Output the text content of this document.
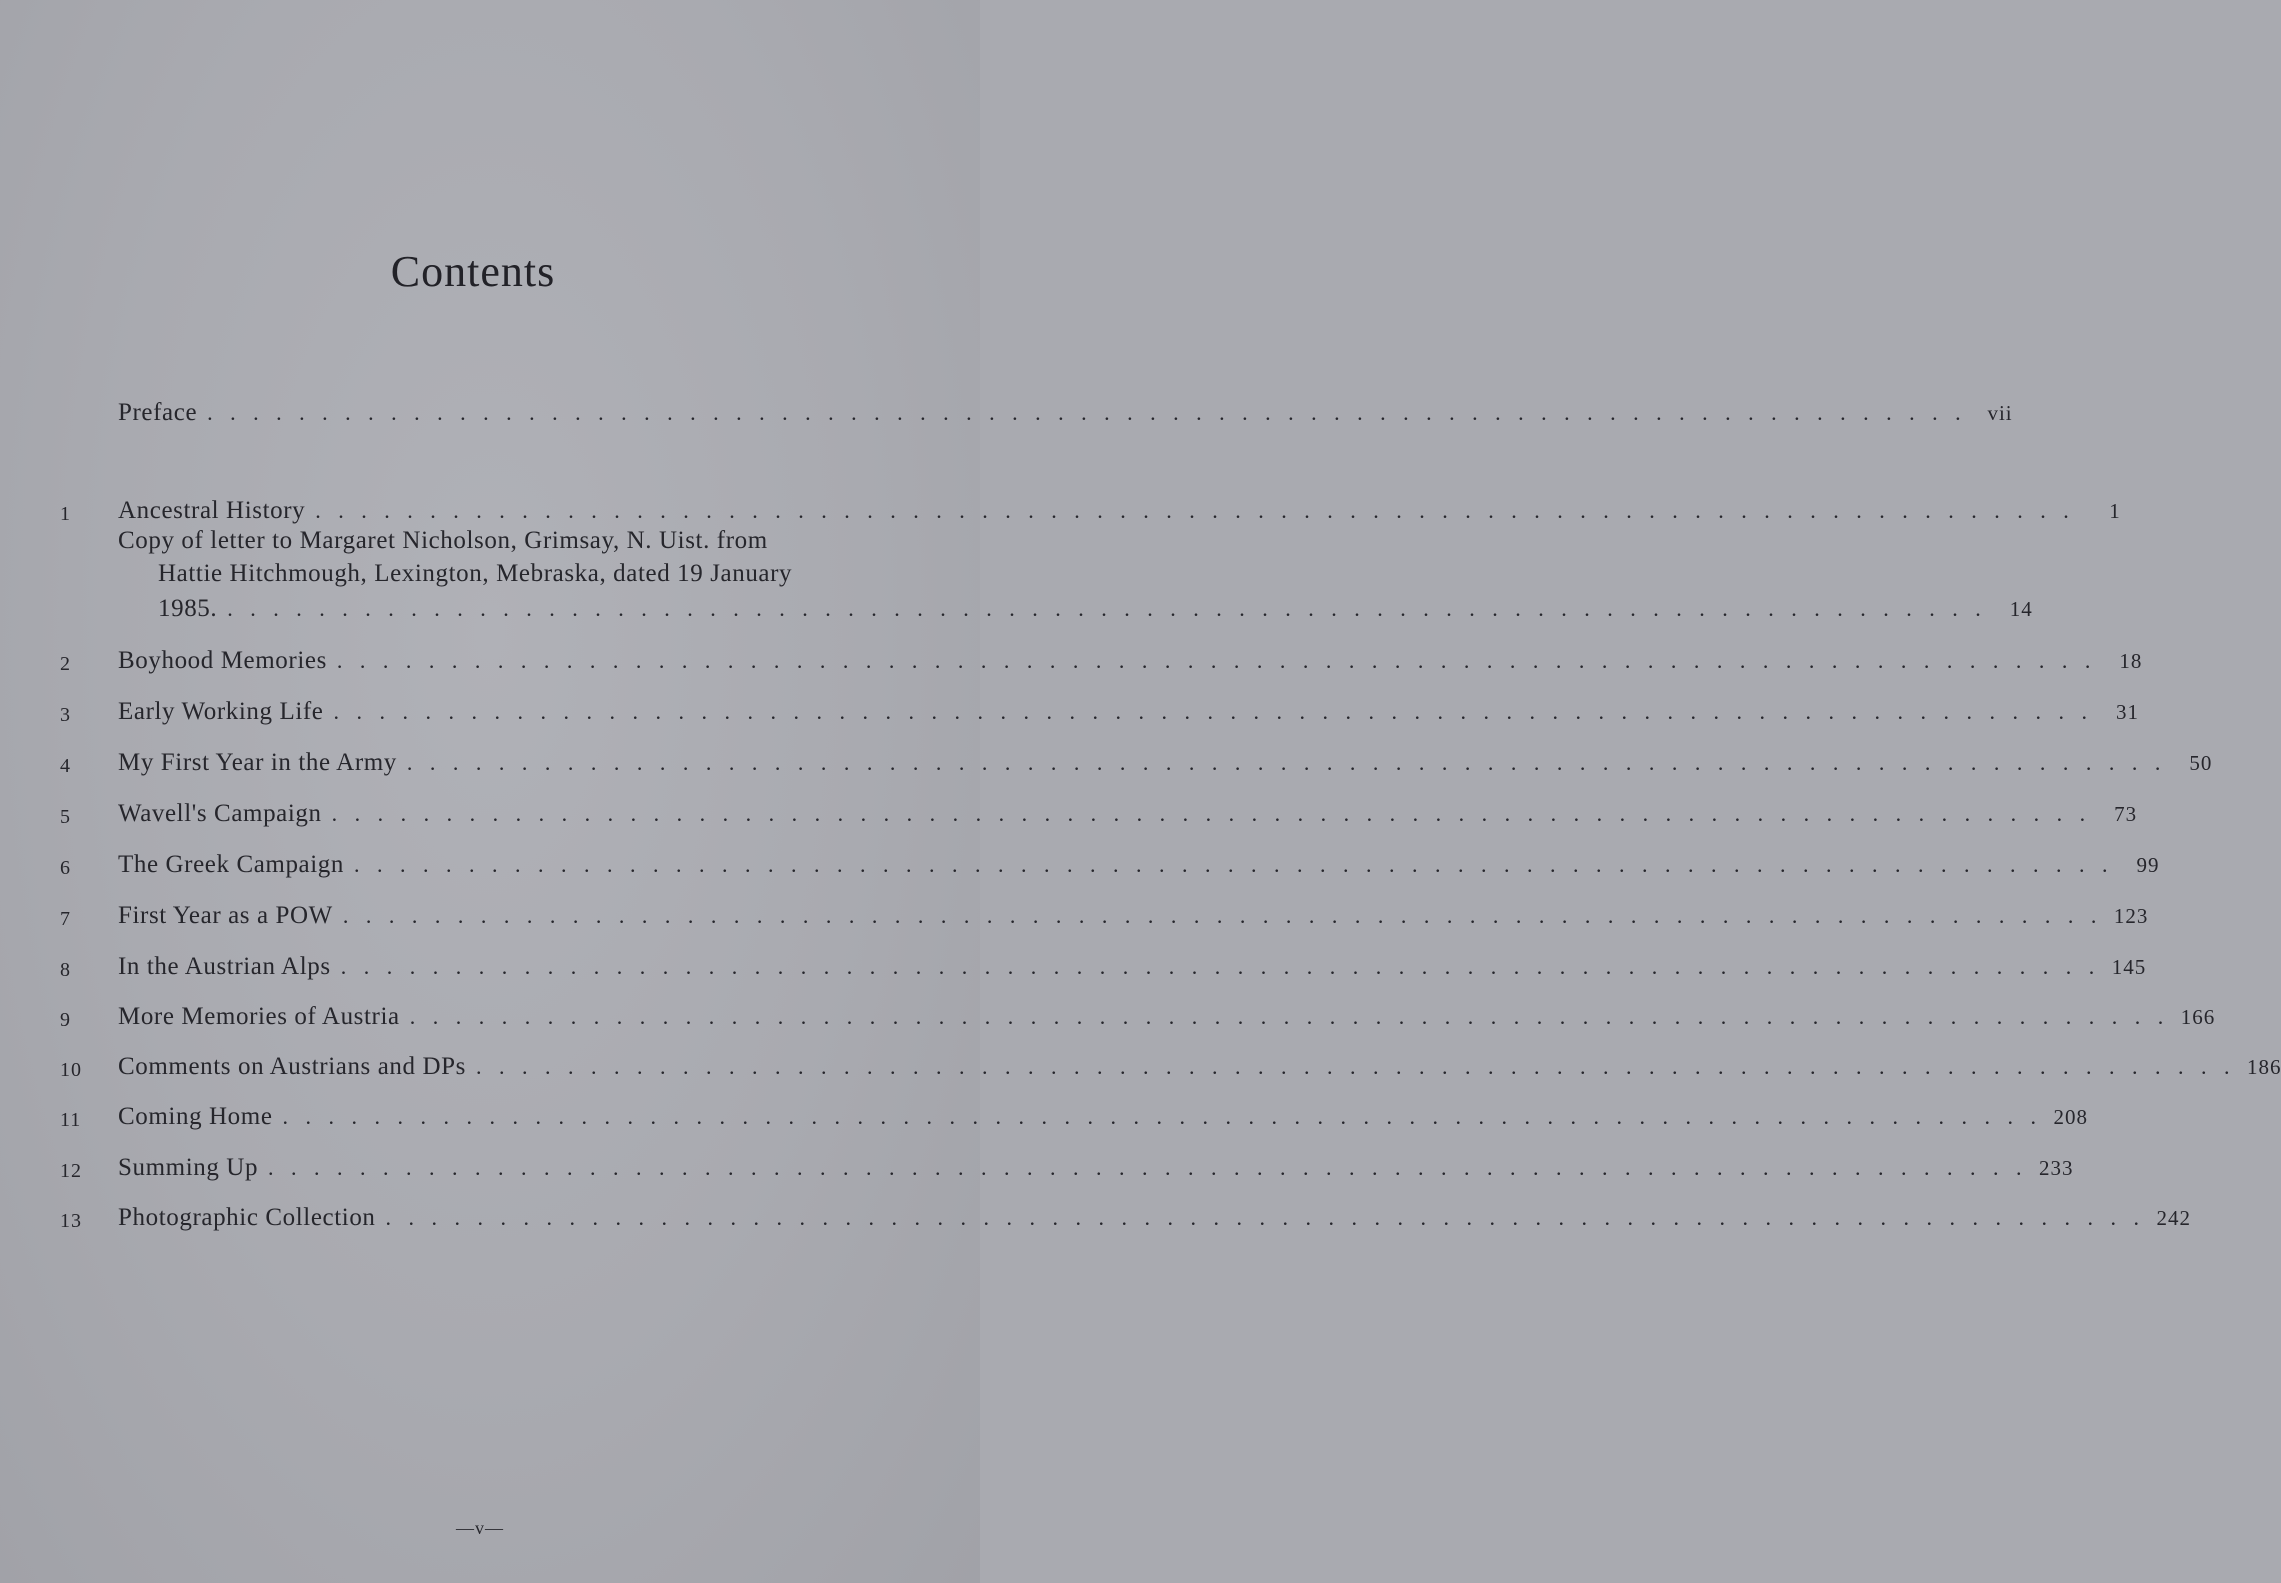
Contents
Preface . . . . . . . . . . . . . . . . . . . . . . . . . . . . . . . . . . . . . . . . . . . . . . . . . . . . . . . . . . . . . . . . . . . . . . . . . . . . . vii
1	Ancestral History . . . . . . . . . . . . . . . . . . . . . . . . . . . . . . . . . . . . . . . . . . . . . . . . . . . . . . . . . . . . . . . . . . . . . . . . . . . . .	1
Copy of letter to Margaret Nicholson, Grimsay, N. Uist. from
Hattie Hitchmough, Lexington, Mebraska, dated 19 January
1985. . . . . . . . . . . . . . . . . . . . . . . . . . . . . . . . . . . . . . . . . . . . . . . . . . . . . . . . . . . . . . . . . . . . . . . . . . . . . .	14
2	Boyhood Memories . . . . . . . . . . . . . . . . . . . . . . . . . . . . . . . . . . . . . . . . . . . . . . . . . . . . . . . . . . . . . . . . . . . . . . . . . . . . .	18
3	Early Working Life . . . . . . . . . . . . . . . . . . . . . . . . . . . . . . . . . . . . . . . . . . . . . . . . . . . . . . . . . . . . . . . . . . . . . . . . . . . . .	31
4	My First Year in the Army . . . . . . . . . . . . . . . . . . . . . . . . . . . . . . . . . . . . . . . . . . . . . . . . . . . . . . . . . . . . . . . . . . . . . . . . . . . . .	50
5	Wavell's Campaign . . . . . . . . . . . . . . . . . . . . . . . . . . . . . . . . . . . . . . . . . . . . . . . . . . . . . . . . . . . . . . . . . . . . . . . . . . . . .	73
6	The Greek Campaign . . . . . . . . . . . . . . . . . . . . . . . . . . . . . . . . . . . . . . . . . . . . . . . . . . . . . . . . . . . . . . . . . . . . . . . . . . . . .	99
7	First Year as a POW . . . . . . . . . . . . . . . . . . . . . . . . . . . . . . . . . . . . . . . . . . . . . . . . . . . . . . . . . . . . . . . . . . . . . . . . . . . . . 123
8	In the Austrian Alps . . . . . . . . . . . . . . . . . . . . . . . . . . . . . . . . . . . . . . . . . . . . . . . . . . . . . . . . . . . . . . . . . . . . . . . . . . . . . 145
9	More Memories of Austria . . . . . . . . . . . . . . . . . . . . . . . . . . . . . . . . . . . . . . . . . . . . . . . . . . . . . . . . . . . . . . . . . . . . . . . . . . . . . 166
10	Comments on Austrians and DPs . . . . . . . . . . . . . . . . . . . . . . . . . . . . . . . . . . . . . . . . . . . . . . . . . . . . . . . . . . . . . . . . . . . . . . . . . . . . . 186
11	Coming Home . . . . . . . . . . . . . . . . . . . . . . . . . . . . . . . . . . . . . . . . . . . . . . . . . . . . . . . . . . . . . . . . . . . . . . . . . . . . . 208
12	Summing Up . . . . . . . . . . . . . . . . . . . . . . . . . . . . . . . . . . . . . . . . . . . . . . . . . . . . . . . . . . . . . . . . . . . . . . . . . . . . . 233
13	Photographic Collection . . . . . . . . . . . . . . . . . . . . . . . . . . . . . . . . . . . . . . . . . . . . . . . . . . . . . . . . . . . . . . . . . . . . . . . . . . . . . 242
—v—
